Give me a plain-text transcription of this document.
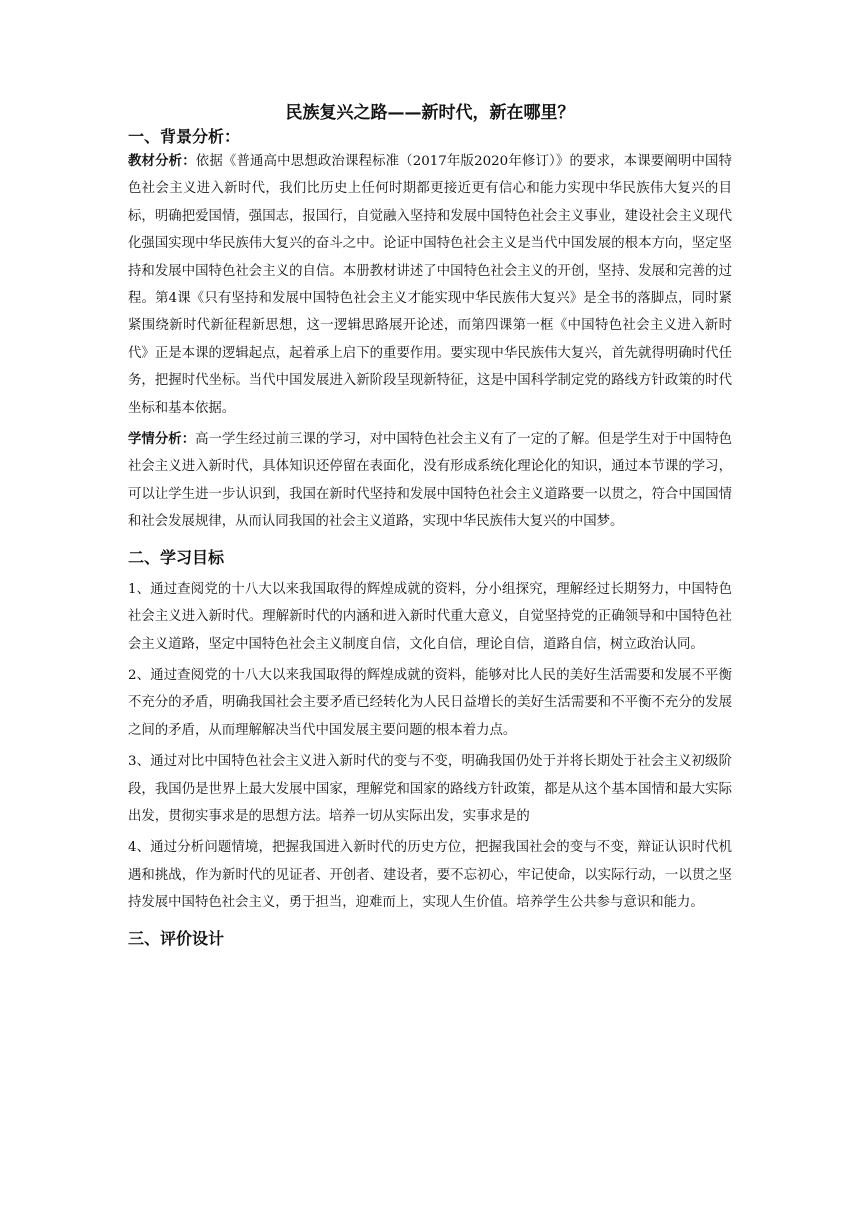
民族复兴之路——新时代，新在哪里？
一、背景分析：

教材分析：依据《普通高中思想政治课程标准（2017年版2020年修订）》的要求，本课要阐明中国特色社会主义进入新时代，我们比历史上任何时期都更接近更有信心和能力实现中华民族伟大复兴的目标，明确把爱国情，强国志，报国行，自觉融入坚持和发展中国特色社会主义事业，建设社会主义现代化强国实现中华民族伟大复兴的奋斗之中。论证中国特色社会主义是当代中国发展的根本方向，坚定坚持和发展中国特色社会主义的自信。本册教材讲述了中国特色社会主义的开创，坚持、发展和完善的过程。第4课《只有坚持和发展中国特色社会主义才能实现中华民族伟大复兴》是全书的落脚点，同时紧紧围绕新时代新征程新思想，这一逻辑思路展开论述，而第四课第一框《中国特色社会主义进入新时代》正是本课的逻辑起点，起着承上启下的重要作用。要实现中华民族伟大复兴，首先就得明确时代任务，把握时代坐标。当代中国发展进入新阶段呈现新特征，这是中国科学制定党的路线方针政策的时代坐标和基本依据。

学情分析：高一学生经过前三课的学习，对中国特色社会主义有了一定的了解。但是学生对于中国特色社会主义进入新时代，具体知识还停留在表面化，没有形成系统化理论化的知识，通过本节课的学习，可以让学生进一步认识到，我国在新时代坚持和发展中国特色社会主义道路要一以贯之，符合中国国情和社会发展规律，从而认同我国的社会主义道路，实现中华民族伟大复兴的中国梦。

二、学习目标

1、通过查阅党的十八大以来我国取得的辉煌成就的资料，分小组探究，理解经过长期努力，中国特色社会主义进入新时代。理解新时代的内涵和进入新时代重大意义，自觉坚持党的正确领导和中国特色社会主义道路，坚定中国特色社会主义制度自信，文化自信，理论自信，道路自信，树立政治认同。

2、通过查阅党的十八大以来我国取得的辉煌成就的资料，能够对比人民的美好生活需要和发展不平衡不充分的矛盾，明确我国社会主要矛盾已经转化为人民日益增长的美好生活需要和不平衡不充分的发展之间的矛盾，从而理解解决当代中国发展主要问题的根本着力点。

3、通过对比中国特色社会主义进入新时代的变与不变，明确我国仍处于并将长期处于社会主义初级阶段，我国仍是世界上最大发展中国家，理解党和国家的路线方针政策，都是从这个基本国情和最大实际出发，贯彻实事求是的思想方法。培养一切从实际出发，实事求是的

4、通过分析问题情境，把握我国进入新时代的历史方位，把握我国社会的变与不变，辩证认识时代机遇和挑战，作为新时代的见证者、开创者、建设者，要不忘初心，牢记使命，以实际行动，一以贯之坚持发展中国特色社会主义，勇于担当，迎难而上，实现人生价值。培养学生公共参与意识和能力。

三、评价设计
